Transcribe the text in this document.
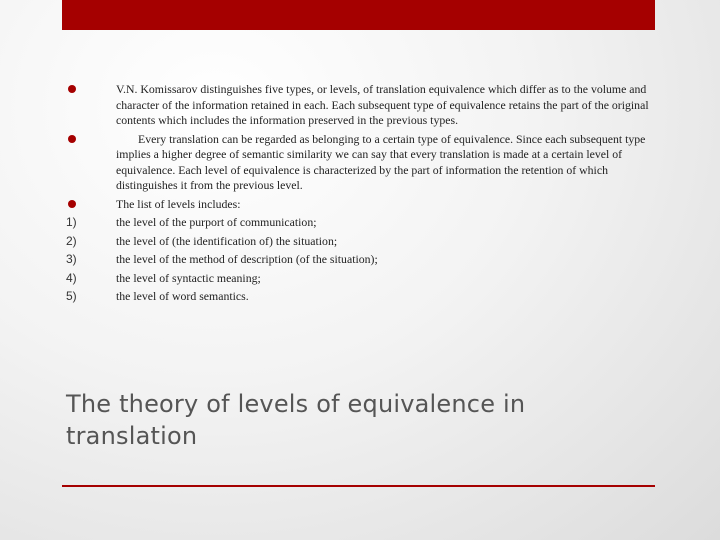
V.N. Komissarov distinguishes five types, or levels, of translation equivalence which differ as to the volume and character of the information retained in each. Each subsequent type of equivalence retains the part of the original contents which includes the information preserved in the previous types.
Every translation can be regarded as belonging to a certain type of equivalence. Since each subsequent type implies a higher degree of semantic similarity we can say that every translation is made at a certain level of equivalence. Each level of equivalence is characterized by the part of information the retention of which distinguishes it from the previous level.
The list of levels includes:
1)	the level of the purport of communication;
2)	the level of (the identification of) the situation;
3)	the level of the method of description (of the situation);
4)	the level of syntactic meaning;
5)	the level of word semantics.
The theory of levels of equivalence in translation
